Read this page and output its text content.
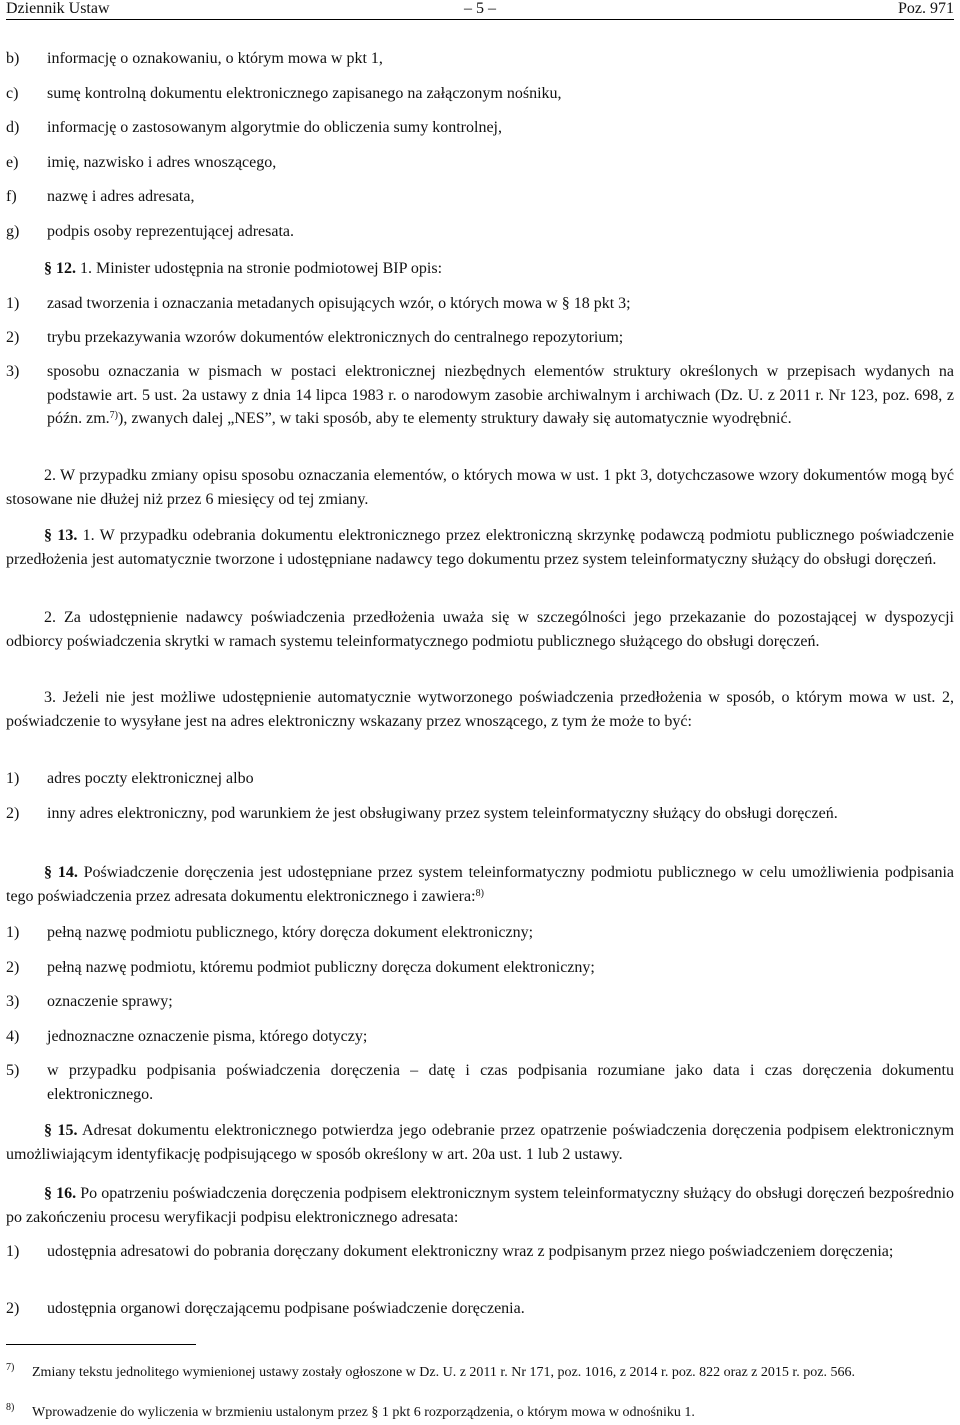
Dziennik Ustaw	– 5 –	Poz. 971
b) informację o oznakowaniu, o którym mowa w pkt 1,
c) sumę kontrolną dokumentu elektronicznego zapisanego na załączonym nośniku,
d) informację o zastosowanym algorytmie do obliczenia sumy kontrolnej,
e) imię, nazwisko i adres wnoszącego,
f) nazwę i adres adresata,
g) podpis osoby reprezentującej adresata.

§ 12. 1. Minister udostępnia na stronie podmiotowej BIP opis:

1) zasad tworzenia i oznaczania metadanych opisujących wzór, o których mowa w § 18 pkt 3;
2) trybu przekazywania wzorów dokumentów elektronicznych do centralnego repozytorium;
3) sposobu oznaczania w pismach w postaci elektronicznej niezbędnych elementów struktury określonych w przepisach wydanych na podstawie art. 5 ust. 2a ustawy z dnia 14 lipca 1983 r. o narodowym zasobie archiwalnym i archiwach (Dz. U. z 2011 r. Nr 123, poz. 698, z późn. zm.$^{7)}$), zwanych dalej „NES”, w taki sposób, aby te elementy struktury dawały się automatycznie wyodrębnić.

2. W przypadku zmiany opisu sposobu oznaczania elementów, o których mowa w ust. 1 pkt 3, dotychczasowe wzory dokumentów mogą być stosowane nie dłużej niż przez 6 miesięcy od tej zmiany.

§ 13. 1. W przypadku odebrania dokumentu elektronicznego przez elektroniczną skrzynkę podawczą podmiotu publicznego poświadczenie przedłożenia jest automatycznie tworzone i udostępniane nadawcy tego dokumentu przez system teleinformatyczny służący do obsługi doręczeń.

2. Za udostępnienie nadawcy poświadczenia przedłożenia uważa się w szczególności jego przekazanie do pozostającej w dyspozycji odbiorcy poświadczenia skrytki w ramach systemu teleinformatycznego podmiotu publicznego służącego do obsługi doręczeń.

3. Jeżeli nie jest możliwe udostępnienie automatycznie wytworzonego poświadczenia przedłożenia w sposób, o którym mowa w ust. 2, poświadczenie to wysyłane jest na adres elektroniczny wskazany przez wnoszącego, z tym że może to być:

1) adres poczty elektronicznej albo
2) inny adres elektroniczny, pod warunkiem że jest obsługiwany przez system teleinformatyczny służący do obsługi doręczeń.

§ 14. Poświadczenie doręczenia jest udostępniane przez system teleinformatyczny podmiotu publicznego w celu umożliwienia podpisania tego poświadczenia przez adresata dokumentu elektronicznego i zawiera:$^{8)}$

1) pełną nazwę podmiotu publicznego, który doręcza dokument elektroniczny;
2) pełną nazwę podmiotu, któremu podmiot publiczny doręcza dokument elektroniczny;
3) oznaczenie sprawy;
4) jednoznaczne oznaczenie pisma, którego dotyczy;
5) w przypadku podpisania poświadczenia doręczenia – datę i czas podpisania rozumiane jako data i czas doręczenia dokumentu elektronicznego.

§ 15. Adresat dokumentu elektronicznego potwierdza jego odebranie przez opatrzenie poświadczenia doręczenia podpisem elektronicznym umożliwiającym identyfikację podpisującego w sposób określony w art. 20a ust. 1 lub 2 ustawy.

§ 16. Po opatrzeniu poświadczenia doręczenia podpisem elektronicznym system teleinformatyczny służący do obsługi doręczeń bezpośrednio po zakończeniu procesu weryfikacji podpisu elektronicznego adresata:

1) udostępnia adresatowi do pobrania doręczany dokument elektroniczny wraz z podpisanym przez niego poświadczeniem doręczenia;
2) udostępnia organowi doręczającemu podpisane poświadczenie doręczenia.
7) Zmiany tekstu jednolitego wymienionej ustawy zostały ogłoszone w Dz. U. z 2011 r. Nr 171, poz. 1016, z 2014 r. poz. 822 oraz z 2015 r. poz. 566.
8) Wprowadzenie do wyliczenia w brzmieniu ustalonym przez § 1 pkt 6 rozporządzenia, o którym mowa w odnośniku 1.
